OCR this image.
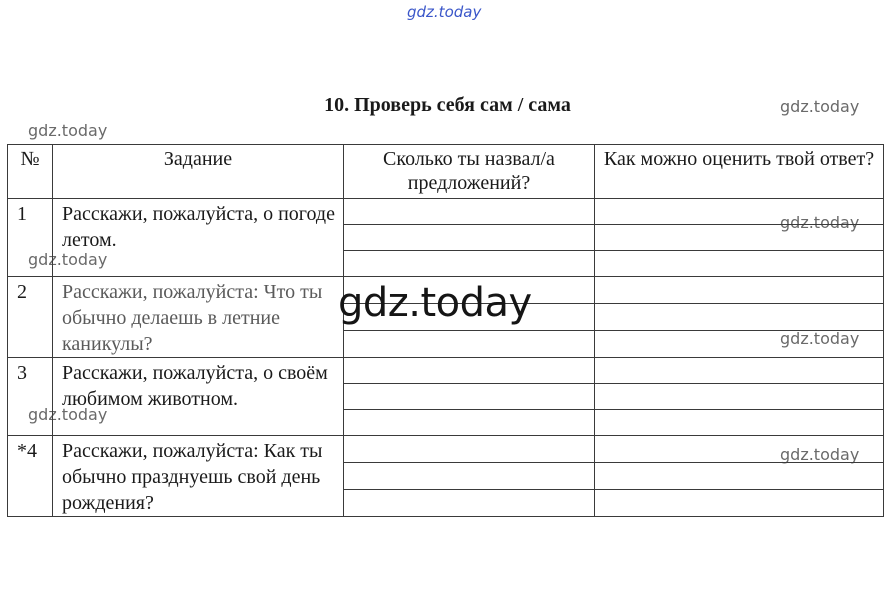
gdz.today
10. Проверь себя сам / сама	gdz.today
gdz.today
gdz.today
gdz.today
gdz.today
gdz.today
gdz.today
№	Задание	Сколько ты назвал/а предложений?	Как можно оценить твой ответ?
1	Расскажи, пожалуйста, о погоде летом.		

2	Расскажи, пожалуйста: Что ты обычно делаешь в летние каникулы?		

3	Расскажи, пожалуйста, о своём любимом животном.		

*4	Расскажи, пожалуйста: Как ты обычно празднуешь свой день рождения?		

gdz.today
